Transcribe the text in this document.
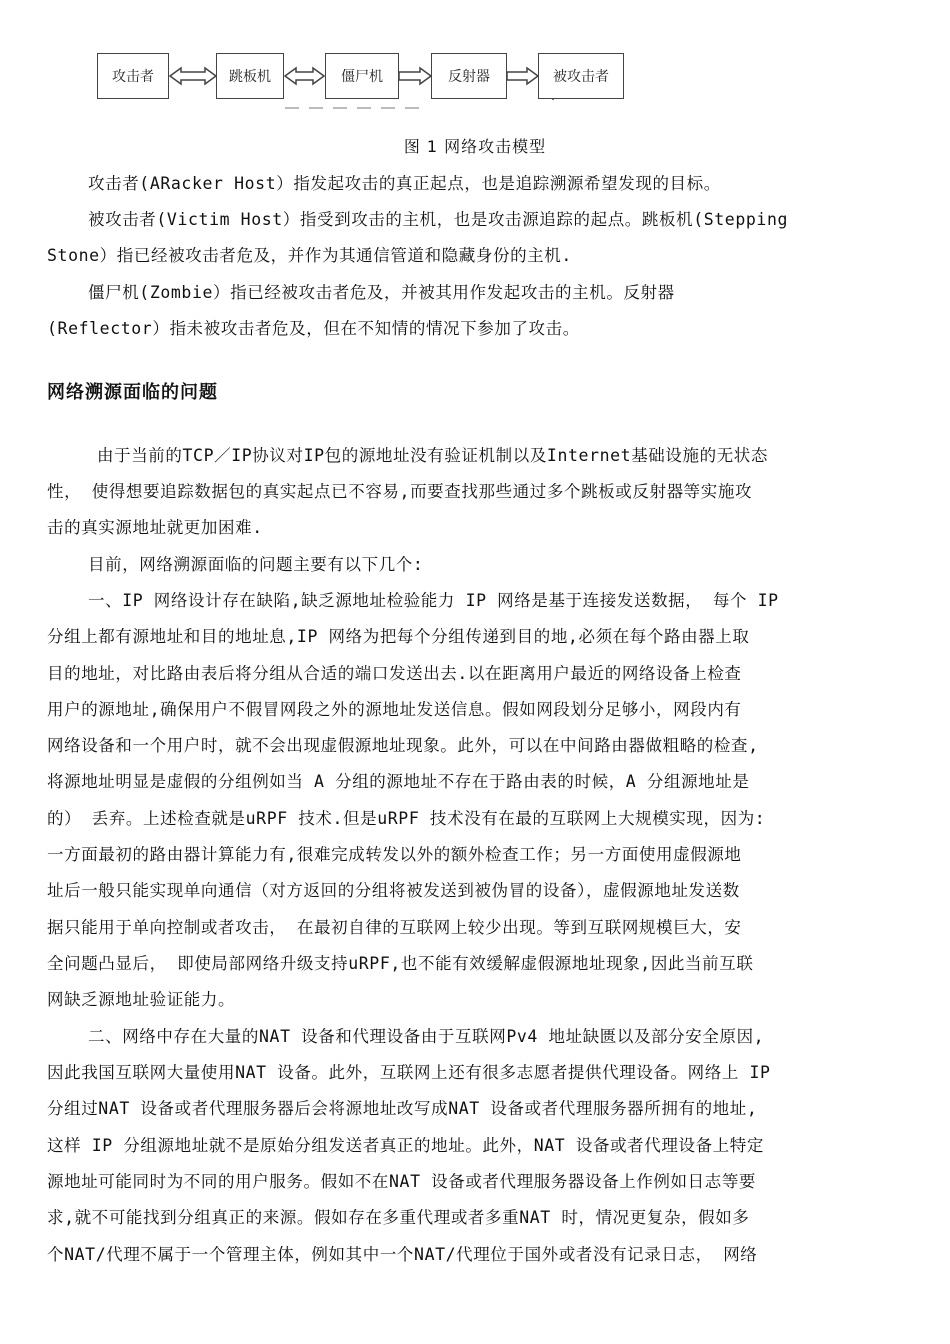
攻击者	跳板机	僵尸机	反射器	被攻击者
图 1 网络攻击模型
攻击者(ARacker Host）指发起攻击的真正起点，也是追踪溯源希望发现的目标。
被攻击者(Victim Host）指受到攻击的主机，也是攻击源追踪的起点。跳板机(Stepping
Stone）指已经被攻击者危及，并作为其通信管道和隐藏身份的主机.
僵尸机(Zombie）指已经被攻击者危及，并被其用作发起攻击的主机。反射器
(Reflector）指未被攻击者危及，但在不知情的情况下参加了攻击。
网络溯源面临的问题
由于当前的TCP／IP协议对IP包的源地址没有验证机制以及Internet基础设施的无状态
性， 使得想要追踪数据包的真实起点已不容易,而要查找那些通过多个跳板或反射器等实施攻
击的真实源地址就更加困难.
目前，网络溯源面临的问题主要有以下几个:
一、IP 网络设计存在缺陷,缺乏源地址检验能力 IP 网络是基于连接发送数据， 每个 IP
分组上都有源地址和目的地址息,IP 网络为把每个分组传递到目的地,必须在每个路由器上取
目的地址，对比路由表后将分组从合适的端口发送出去.以在距离用户最近的网络设备上检查
用户的源地址,确保用户不假冒网段之外的源地址发送信息。假如网段划分足够小，网段内有
网络设备和一个用户时，就不会出现虚假源地址现象。此外，可以在中间路由器做粗略的检查,
将源地址明显是虚假的分组例如当 A 分组的源地址不存在于路由表的时候，A 分组源地址是
的） 丢弃。上述检查就是uRPF 技术.但是uRPF 技术没有在最的互联网上大规模实现，因为:
一方面最初的路由器计算能力有,很难完成转发以外的额外检查工作；另一方面使用虚假源地
址后一般只能实现单向通信（对方返回的分组将被发送到被伪冒的设备），虚假源地址发送数
据只能用于单向控制或者攻击， 在最初自律的互联网上较少出现。等到互联网规模巨大，安
全问题凸显后， 即使局部网络升级支持uRPF,也不能有效缓解虚假源地址现象,因此当前互联
网缺乏源地址验证能力。
二、网络中存在大量的NAT 设备和代理设备由于互联网Pv4 地址缺匮以及部分安全原因,
因此我国互联网大量使用NAT 设备。此外，互联网上还有很多志愿者提供代理设备。网络上 IP
分组过NAT 设备或者代理服务器后会将源地址改写成NAT 设备或者代理服务器所拥有的地址,
这样 IP 分组源地址就不是原始分组发送者真正的地址。此外，NAT 设备或者代理设备上特定
源地址可能同时为不同的用户服务。假如不在NAT 设备或者代理服务器设备上作例如日志等要
求,就不可能找到分组真正的来源。假如存在多重代理或者多重NAT 时，情况更复杂，假如多
个NAT/代理不属于一个管理主体，例如其中一个NAT/代理位于国外或者没有记录日志， 网络
